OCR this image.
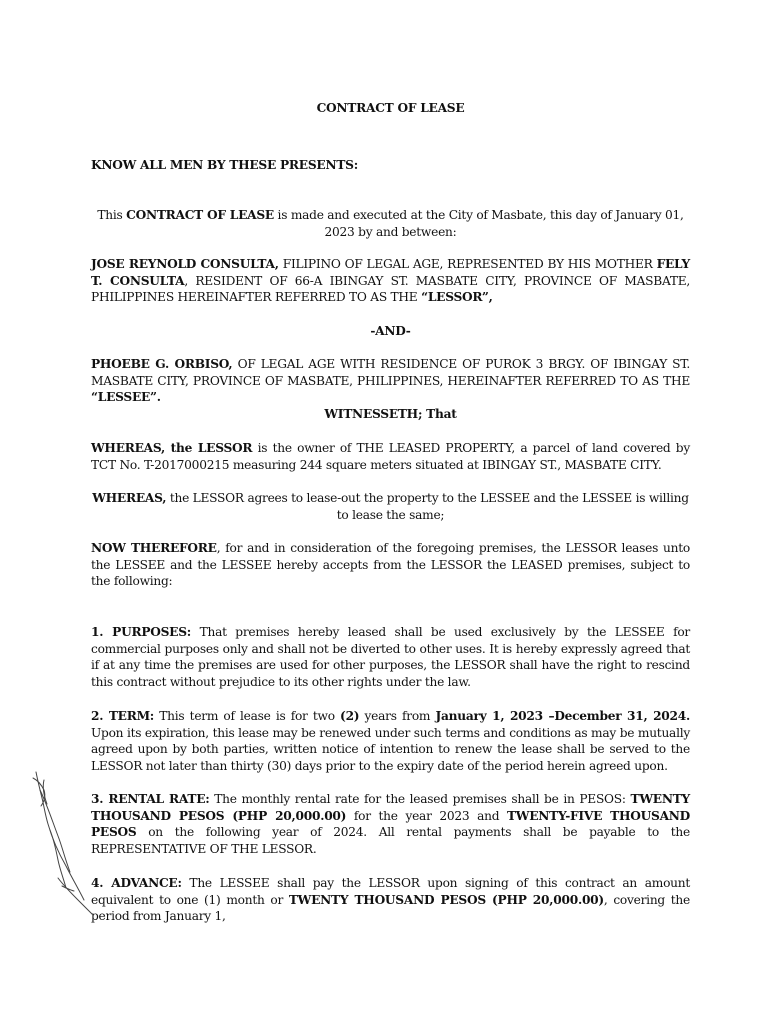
CONTRACT OF LEASE

KNOW ALL MEN BY THESE PRESENTS:

This CONTRACT OF LEASE is made and executed at the City of Masbate, this day of January 01, 2023 by and between:

JOSE REYNOLD CONSULTA, FILIPINO OF LEGAL AGE, REPRESENTED BY HIS MOTHER FELY T. CONSULTA, RESIDENT OF 66-A IBINGAY ST. MASBATE CITY, PROVINCE OF MASBATE, PHILIPPINES HEREINAFTER REFERRED TO AS THE “LESSOR”,

-AND-

PHOEBE G. ORBISO, OF LEGAL AGE WITH RESIDENCE OF PUROK 3 BRGY. OF IBINGAY ST. MASBATE CITY, PROVINCE OF MASBATE, PHILIPPINES, HEREINAFTER REFERRED TO AS THE “LESSEE”.

WITNESSETH; That

WHEREAS, the LESSOR is the owner of THE LEASED PROPERTY, a parcel of land covered by TCT No. T-2017000215 measuring 244 square meters situated at IBINGAY ST., MASBATE CITY.

WHEREAS, the LESSOR agrees to lease-out the property to the LESSEE and the LESSEE is willing to lease the same;

NOW THEREFORE, for and in consideration of the foregoing premises, the LESSOR leases unto the LESSEE and the LESSEE hereby accepts from the LESSOR the LEASED premises, subject to the following:

1. PURPOSES: That premises hereby leased shall be used exclusively by the LESSEE for commercial purposes only and shall not be diverted to other uses. It is hereby expressly agreed that if at any time the premises are used for other purposes, the LESSOR shall have the right to rescind this contract without prejudice to its other rights under the law.

2. TERM: This term of lease is for two (2) years from January 1, 2023 –December 31, 2024. Upon its expiration, this lease may be renewed under such terms and conditions as may be mutually agreed upon by both parties, written notice of intention to renew the lease shall be served to the LESSOR not later than thirty (30) days prior to the expiry date of the period herein agreed upon.

3. RENTAL RATE: The monthly rental rate for the leased premises shall be in PESOS: TWENTY THOUSAND PESOS (PHP 20,000.00) for the year 2023 and TWENTY-FIVE THOUSAND PESOS on the following year of 2024. All rental payments shall be payable to the REPRESENTATIVE OF THE LESSOR.

4. ADVANCE: The LESSEE shall pay the LESSOR upon signing of this contract an amount equivalent to one (1) month or TWENTY THOUSAND PESOS (PHP 20,000.00), covering the period from January 1,
